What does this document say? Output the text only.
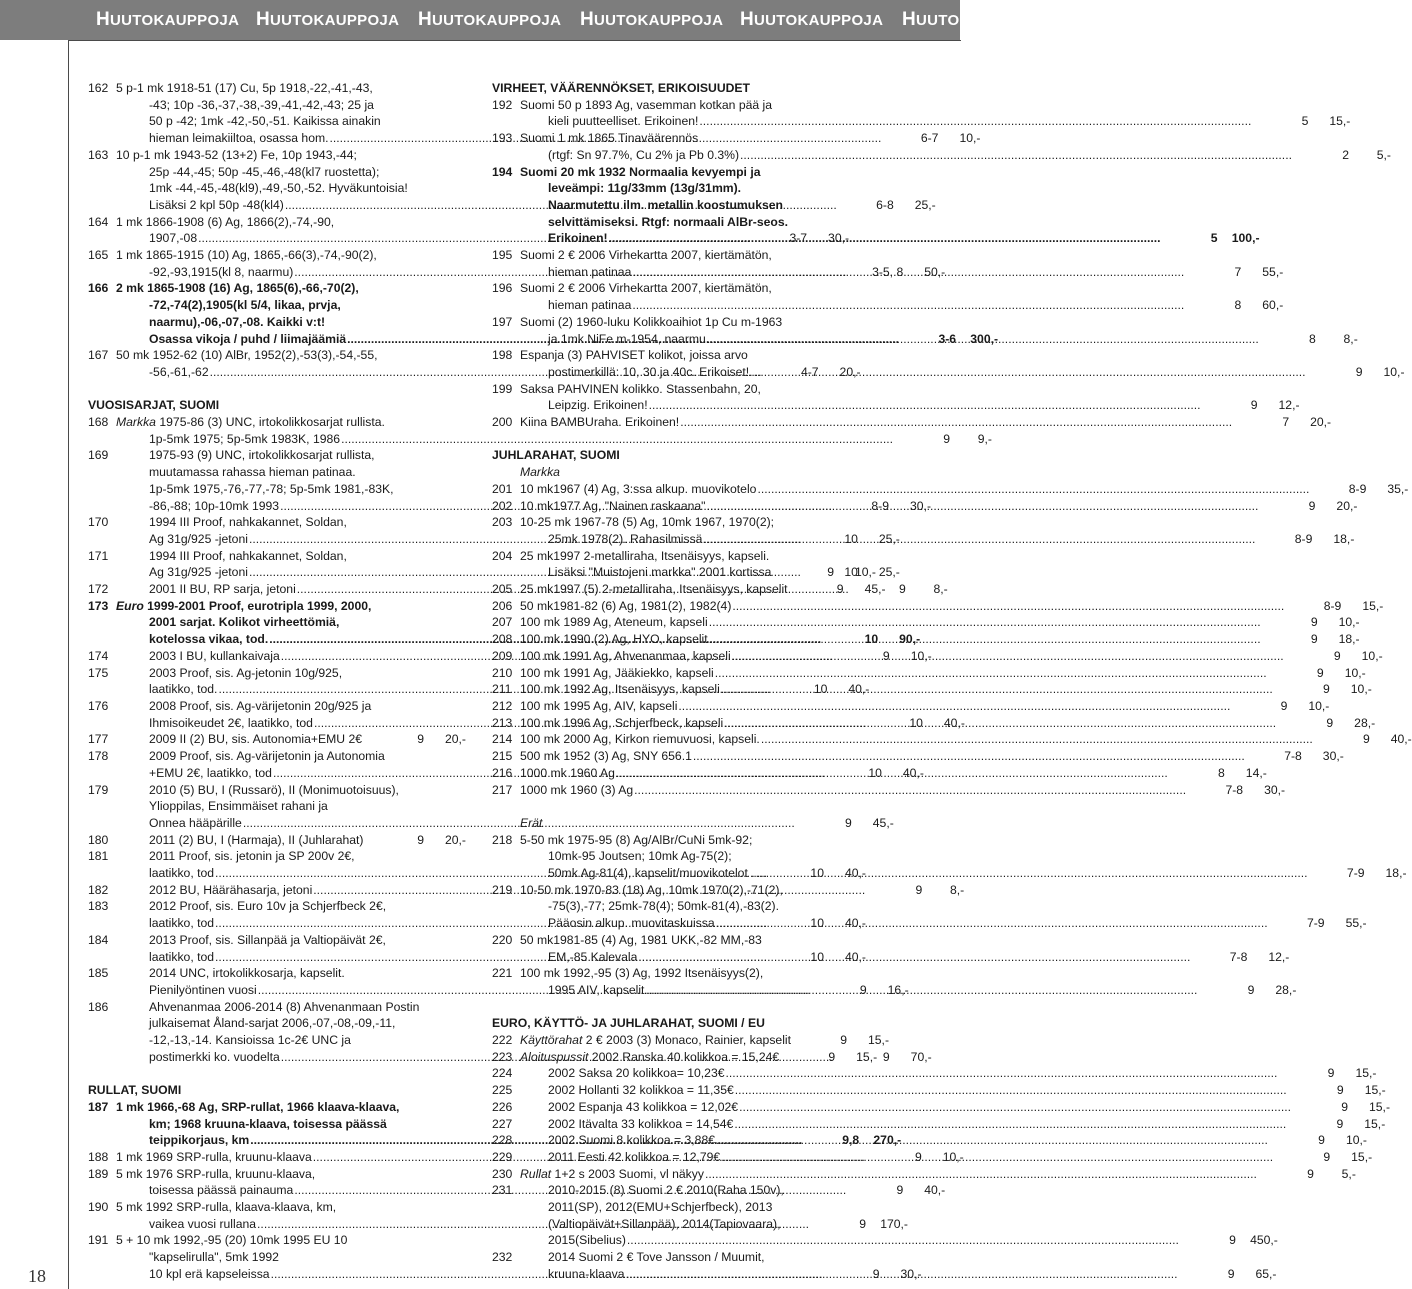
HUUTOKAUPPOJA HUUTOKAUPPOJA HUUTOKAUPPOJA HUUTOKAUPPOJA HUUTOKAUPPOJA HUUTOKAUPPOJA
162 5 p-1 mk 1918-51 (17) Cu, 5p 1918,-22,-41,-43,
-43; 10p -36,-37,-38,-39,-41,-42,-43; 25 ja
50 p -42; 1mk -42,-50,-51. Kaikissa ainakin
hieman leimakiiltoa, osassa hom. .....	6-7	10,-
163 10 p-1 mk 1943-52 (13+2) Fe, 10p 1943,-44;
25p -44,-45; 50p -45,-46,-48(kl7 ruostetta);
1mk -44,-45,-48(kl9),-49,-50,-52. Hyväkuntoisia!
Lisäksi 2 kpl 50p -48(kl4) .....	6-8	25,-
164 1 mk 1866-1908 (6) Ag, 1866(2),-74,-90,
1907,-08 .....	3-7	30,-
165 1 mk 1865-1915 (10) Ag, 1865,-66(3),-74,-90(2),
-92,-93,1915(kl 8, naarmu) .....	3-5, 8	50,-
166 2 mk 1865-1908 (16) Ag, 1865(6),-66,-70(2),
-72,-74(2),1905(kl 5/4, likaa, prvja,
naarmu),-06,-07,-08. Kaikki v:t!
Osassa vikoja / puhd / liimajäämiä .....	3-6	300,-
167 50 mk 1952-62 (10) AlBr, 1952(2),-53(3),-54,-55,
-56,-61,-62 .....	4-7	20,-
VUOSISARJAT, SUOMI
168 Markka 1975-86 (3) UNC, irtokolikkosarjat rullista.
1p-5mk 1975; 5p-5mk 1983K, 1986 .....	9	9,-
169	1975-93 (9) UNC, irtokolikkosarjat rullista,
muutamassa rahassa hieman patinaa.
1p-5mk 1975,-76,-77,-78; 5p-5mk 1981,-83K,
-86,-88; 10p-10mk 1993 .....	8-9	30,-
170	1994 III Proof, nahkakannet, Soldan,
Ag 31g/925 -jetoni .....	10	25,-
171	1994 III Proof, nahkakannet, Soldan,
Ag 31g/925 -jetoni .....	10	25,-
172	2001 II BU, RP sarja, jetoni .....	9	8,-
173 Euro 1999-2001 Proof, eurotripla 1999, 2000,
2001 sarjat. Kolikot virheettömiä,
kotelossa vikaa, tod. .....	10	90,-
174	2003 I BU, kullankaivaja .....	9	10,-
175	2003 Proof, sis. Ag-jetonin 10g/925,
laatikko, tod. .....	10	40,-
176	2008 Proof, sis. Ag-värijetonin 20g/925 ja
Ihmisoikeudet 2€, laatikko, tod .....	10	40,-
177	2009 II (2) BU, sis. Autonomia+EMU 2€	9	20,-
178	2009 Proof, sis. Ag-värijetonin ja Autonomia
+EMU 2€, laatikko, tod .....	10	40,-
179	2010 (5) BU, I (Russarö), II (Monimuotoisuus),
Ylioppilas, Ensimmäiset rahani ja
Onnea hääpärille .....	9	45,-
180	2011 (2) BU, I (Harmaja), II (Juhlarahat)	9	20,-
181	2011 Proof, sis. jetonin ja SP 200v 2€,
laatikko, tod .....	10	40,-
182	2012 BU, Häärähasarja, jetoni .....	9	8,-
183	2012 Proof, sis. Euro 10v ja Schjerfbeck 2€,
laatikko, tod .....	10	40,-
184	2013 Proof, sis. Sillanpää ja Valtiopäivät 2€,
laatikko, tod .....	10	40,-
185	2014 UNC, irtokolikkosarja, kapselit.
Pienilyöntinen vuosi .....	9	16,-
186	Ahvenanmaa 2006-2014 (8) Ahvenanmaan Postin
julkaisemat Åland-sarjat 2006,-07,-08,-09,-11,
-12,-13,-14. Kansioissa 1c-2€ UNC ja
postimerkki ko. vuodelta .....	9	70,-
RULLAT, SUOMI
187 1 mk 1966,-68 Ag, SRP-rullat, 1966 klaava-klaava,
km; 1968 kruuna-klaava, toisessa päässä
teippikorjaus, km .....	9,8	270,-
188 1 mk 1969 SRP-rulla, kruunu-klaava .....	9	10,-
189 5 mk 1976 SRP-rulla, kruunu-klaava,
toisessa päässä painauma .....	9	40,-
190 5 mk 1992 SRP-rulla, klaava-klaava, km,
vaikea vuosi rullana .....	9	170,-
191 5 + 10 mk 1992,-95 (20) 10mk 1995 EU 10
"kapselirulla", 5mk 1992
10 kpl erä kapseleissa .....	9	30,-
VIRHEET, VÄÄRENNÖKSET, ERIKOISUUDET
192 Suomi 50 p 1893 Ag, vasemman kotkan pää ja
kieli puutteelliset. Erikoinen! .....	5	15,-
193 Suomi 1 mk 1865 Tinaväärennös
(rtgf: Sn 97.7%, Cu 2% ja Pb 0.3%) .....	2	5,-
194 Suomi 20 mk 1932 Normaalia kevyempi ja
leveämpi: 11g/33mm (13g/31mm).
Naarmutettu ilm. metallin koostumuksen
selvittämiseksi. Rtgf: normaali AlBr-seos.
Erikoinen! .....	5	100,-
195 Suomi 2 € 2006 Virhekartta 2007, kiertämätön,
hieman patinaa .....	7	55,-
196 Suomi 2 € 2006 Virhekartta 2007, kiertämätön,
hieman patinaa .....	8	60,-
197 Suomi (2) 1960-luku Kolikkoaihiot 1p Cu m-1963
ja 1mk NiFe m-1954, naarmu .....	8	8,-
198 Espanja (3) PAHVISET kolikot, joissa arvo
postimerkillä: 10, 30 ja 40c. Erikoiset!. .....	9	10,-
199 Saksa PAHVINEN kolikko. Stassenbahn, 20,
Leipzig. Erikoinen! .....	9	12,-
200 Kiina BAMBUraha. Erikoinen! .....	7	20,-
JUHLARAHAT, SUOMI
Markka
201 10 mk1967 (4) Ag, 3:ssa alkup. muovikotelo .....	8-9	35,-
202 10 mk1977 Ag, "Nainen raskaana" .....	9	20,-
203 10-25 mk 1967-78 (5) Ag, 10mk 1967, 1970(2);
25mk 1978(2). Rahasilmissä .....	8-9	18,-
204 25 mk1997 2-metalliraha, Itsenäisyys, kapseli.
Lisäksi "Muistojeni markka" 2001 kortissa	9	10,-
205 25 mk1997 (5) 2-metalliraha, Itsenäisyys, kapselit	9	45,-
206 50 mk1981-82 (6) Ag, 1981(2), 1982(4) .....	8-9	15,-
207 100 mk 1989 Ag, Ateneum, kapseli .....	9	10,-
208 100 mk 1990 (2) Ag, HYO, kapselit .....	9	18,-
209 100 mk 1991 Ag, Ahvenanmaa, kapseli .....	9	10,-
210 100 mk 1991 Ag, Jääkiekko, kapseli .....	9	10,-
211 100 mk 1992 Ag, Itsenäisyys, kapseli .....	9	10,-
212 100 mk 1995 Ag, AIV, kapseli .....	9	10,-
213 100 mk 1996 Ag, Schjerfbeck, kapseli .....	9	28,-
214 100 mk 2000 Ag, Kirkon riemuvuosi, kapseli. .....	9	40,-
215 500 mk 1952 (3) Ag, SNY 656.1 .....	7-8	30,-
216 1000 mk 1960 Ag .....	8	14,-
217 1000 mk 1960 (3) Ag .....	7-8	30,-
Erät
218 5-50 mk 1975-95 (8) Ag/AlBr/CuNi 5mk-92;
10mk-95 Joutsen; 10mk Ag-75(2);
50mk Ag-81(4), kapselit/muovikotelot . .....	7-9	18,-
219 10-50 mk 1970-83 (18) Ag, 10mk 1970(2),-71(2),
-75(3),-77; 25mk-78(4); 50mk-81(4),-83(2).
Pääosin alkup. muovitaskuissa .....	7-9	55,-
220 50 mk1981-85 (4) Ag, 1981 UKK,-82 MM,-83
EM,-85 Kalevala .....	7-8	12,-
221 100 mk 1992,-95 (3) Ag, 1992 Itsenäisyys(2),
1995 AIV, kapselit .....	9	28,-
EURO, KÄYTTÖ- JA JUHLARAHAT, SUOMI / EU
222 Käyttörahat 2 € 2003 (3) Monaco, Rainier, kapselit	9	15,-
223 Aloituspussit 2002 Ranska 40 kolikkoa = 15,24€	9	15,-
224	2002 Saksa 20 kolikkoa= 10,23€ .....	9	15,-
225	2002 Hollanti 32 kolikkoa = 11,35€ .....	9	15,-
226	2002 Espanja 43 kolikkoa = 12,02€ .....	9	15,-
227	2002 Itävalta 33 kolikkoa = 14,54€ .....	9	15,-
228	2002 Suomi 8 kolikkoa = 3,88€ .....	9	10,-
229	2011 Eesti 42 kolikkoa = 12,79€ .....	9	15,-
230 Rullat 1+2 s 2003 Suomi, vl näkyy .....	9	5,-
231	2010-2015 (8) Suomi 2 € 2010(Raha 150v),
2011(SP), 2012(EMU+Schjerfbeck), 2013
(Valtiopäivät+Sillanpää), 2014(Tapiovaara),
2015(Sibelius) .....	9	450,-
232	2014 Suomi 2 € Tove Jansson / Muumit,
kruuna-klaava .....	9	65,-
18
